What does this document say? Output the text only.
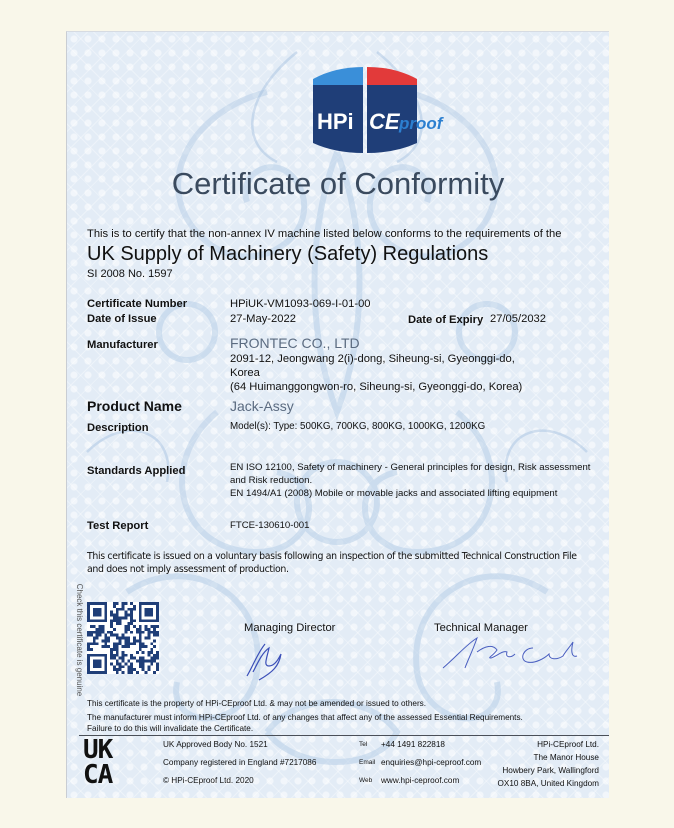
HPi CE proof
Certificate of Conformity
This is to certify that the non-annex IV machine listed below conforms to the requirements of the
UK Supply of Machinery (Safety) Regulations
SI 2008 No. 1597
Certificate Number	HPiUK-VM1093-069-I-01-00
Date of Issue	27-May-2022	Date of Expiry 27/05/2032
Manufacturer	FRONTEC CO., LTD
2091-12, Jeongwang 2(i)-dong, Siheung-si, Gyeonggi-do,
Korea
(64 Huimanggongwon-ro, Siheung-si, Gyeonggi-do, Korea)
Product Name	Jack-Assy
Description	Model(s): Type: 500KG, 700KG, 800KG, 1000KG, 1200KG
Standards Applied	EN ISO 12100, Safety of machinery - General principles for design, Risk assessment
and Risk reduction.
EN 1494/A1 (2008) Mobile or movable jacks and associated lifting equipment
Test Report	FTCE-130610-001
This certificate is issued on a voluntary basis following an inspection of the submitted Technical Construction File and does not imply assessment of production.
Check this certificate is genuine	Managing Director	Technical Manager
This certificate is the property of HPi-CEproof Ltd. & may not be amended or issued to others.
The manufacturer must inform HPi-CEproof Ltd. of any changes that affect any of the assessed Essential Requirements.
Failure to do this will invalidate the Certificate.
UK
CA
UK Approved Body No. 1521
Company registered in England #7217086
© HPi-CEproof Ltd. 2020
Tel +44 1491 822818
Email enquiries@hpi-ceproof.com
Web www.hpi-ceproof.com
HPi-CEproof Ltd.
The Manor House
Howbery Park, Wallingford
OX10 8BA, United Kingdom
